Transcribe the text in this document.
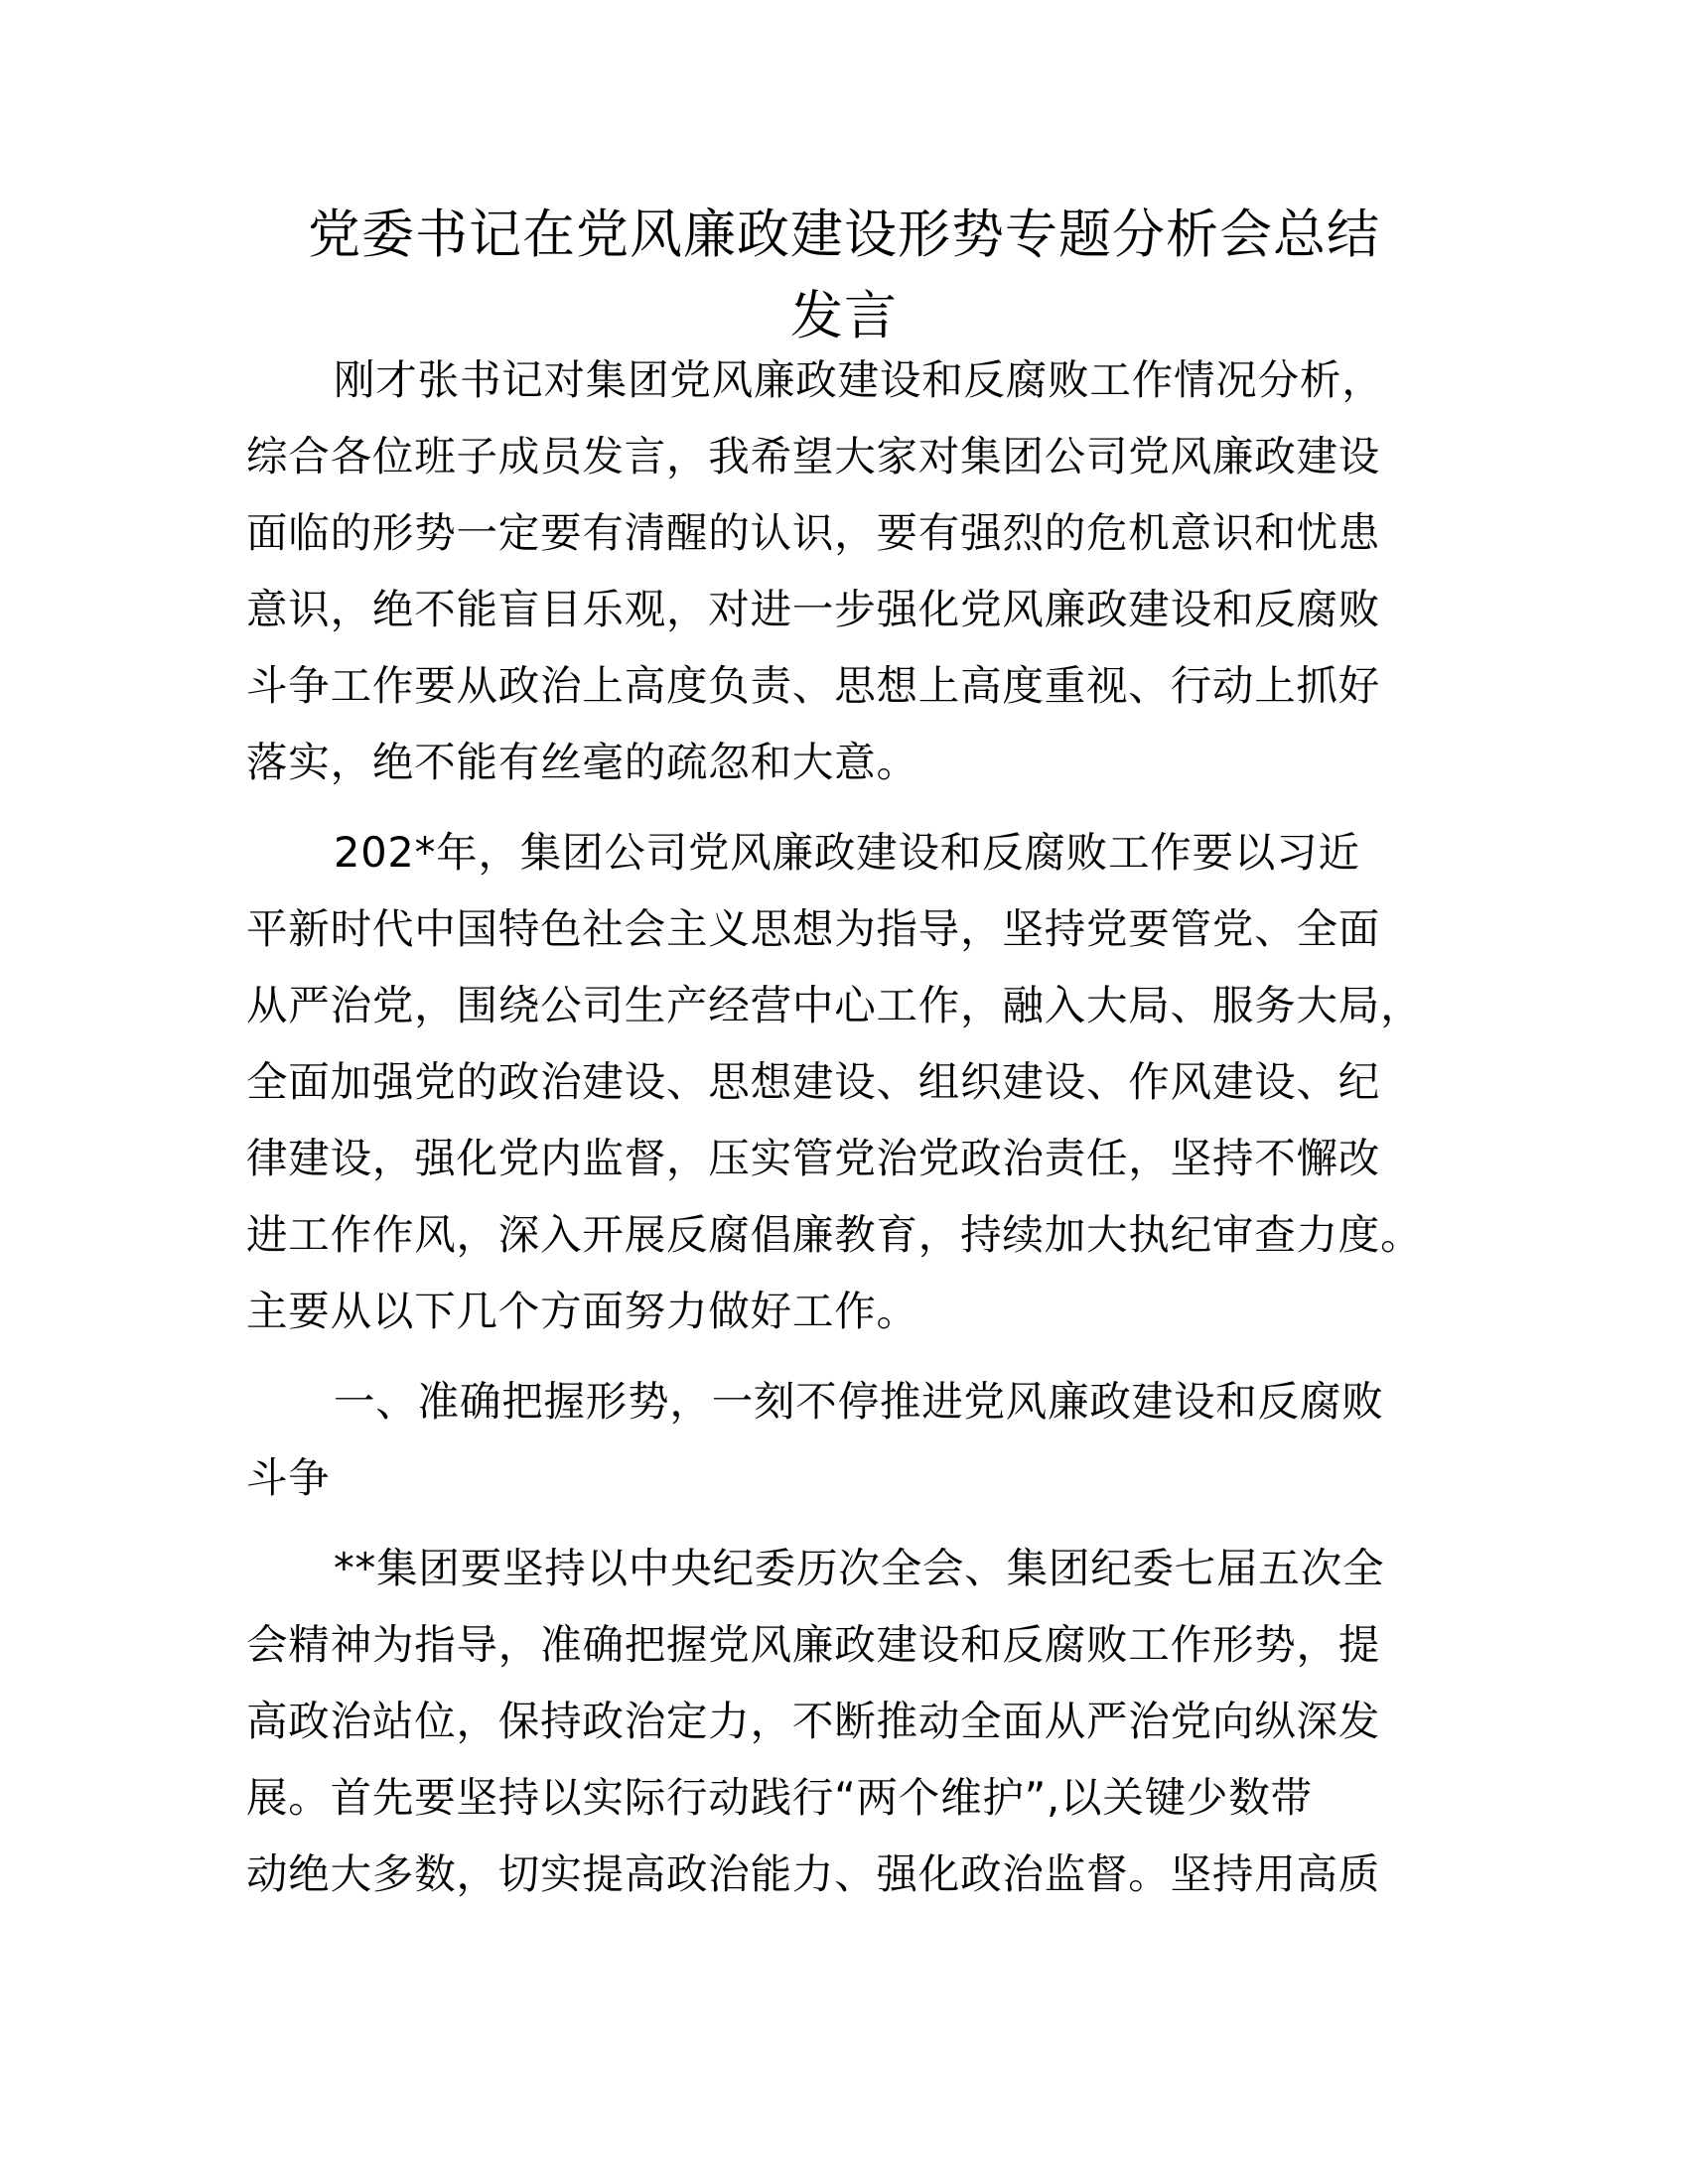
党委书记在党风廉政建设形势专题分析会总结
发言

刚才张书记对集团党风廉政建设和反腐败工作情况分析，
综合各位班子成员发言，我希望大家对集团公司党风廉政建设
面临的形势一定要有清醒的认识，要有强烈的危机意识和忧患
意识，绝不能盲目乐观，对进一步强化党风廉政建设和反腐败
斗争工作要从政治上高度负责、思想上高度重视、行动上抓好
落实，绝不能有丝毫的疏忽和大意。

202*年，集团公司党风廉政建设和反腐败工作要以习近
平新时代中国特色社会主义思想为指导，坚持党要管党、全面
从严治党，围绕公司生产经营中心工作，融入大局、服务大局，
全面加强党的政治建设、思想建设、组织建设、作风建设、纪
律建设，强化党内监督，压实管党治党政治责任，坚持不懈改
进工作作风，深入开展反腐倡廉教育，持续加大执纪审查力度。
主要从以下几个方面努力做好工作。

一、准确把握形势，一刻不停推进党风廉政建设和反腐败
斗争

**集团要坚持以中央纪委历次全会、集团纪委七届五次全
会精神为指导，准确把握党风廉政建设和反腐败工作形势，提
高政治站位，保持政治定力，不断推动全面从严治党向纵深发
展。首先要坚持以实际行动践行“两个维护”,以关键少数带
动绝大多数，切实提高政治能力、强化政治监督。坚持用高质
